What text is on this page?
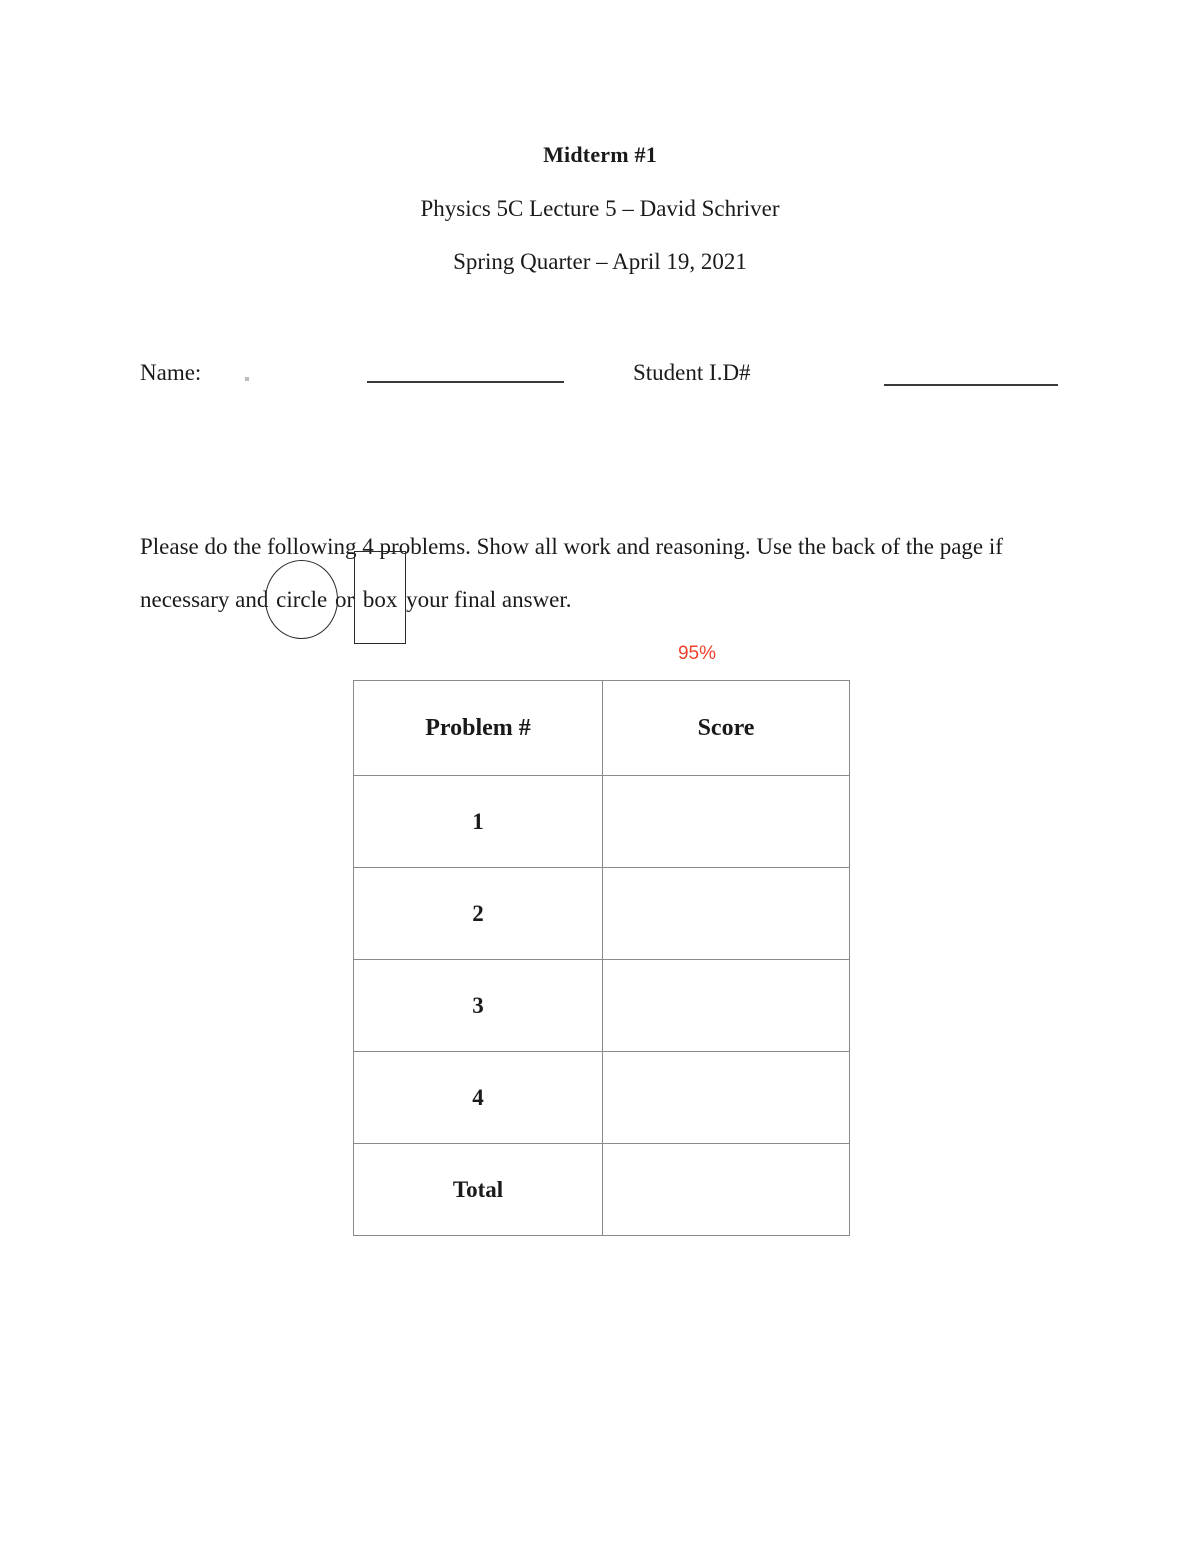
Midterm #1
Physics 5C Lecture 5 – David Schriver
Spring Quarter – April 19, 2021
Name:	Student I.D#
Please do the following 4 problems. Show all work and reasoning. Use the back of the page if
necessary and circle or box your final answer.
95%
Problem #	Score
1	
2	
3	
4	
Total	
